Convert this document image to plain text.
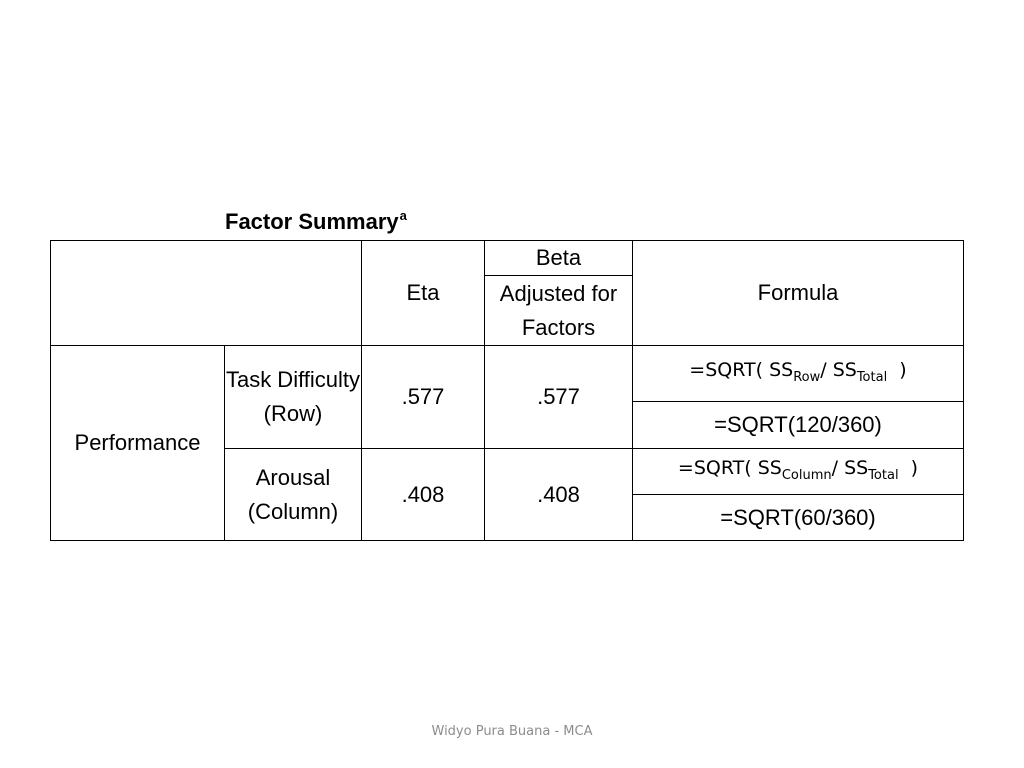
Factor Summary$^a$

		Eta	Beta	Formula

			Adjusted for Factors	

Performance	Task Difficulty (Row)	.577	.577	=SQRT( $SS_{Row}/$ $SS_{Total}$  )

				=SQRT(120/360)

	Arousal (Column)	.408	.408	=SQRT( $SS_{Column}/$ $SS_{Total}$  )

				=SQRT(60/360)
Widyo Pura Buana - MCA
